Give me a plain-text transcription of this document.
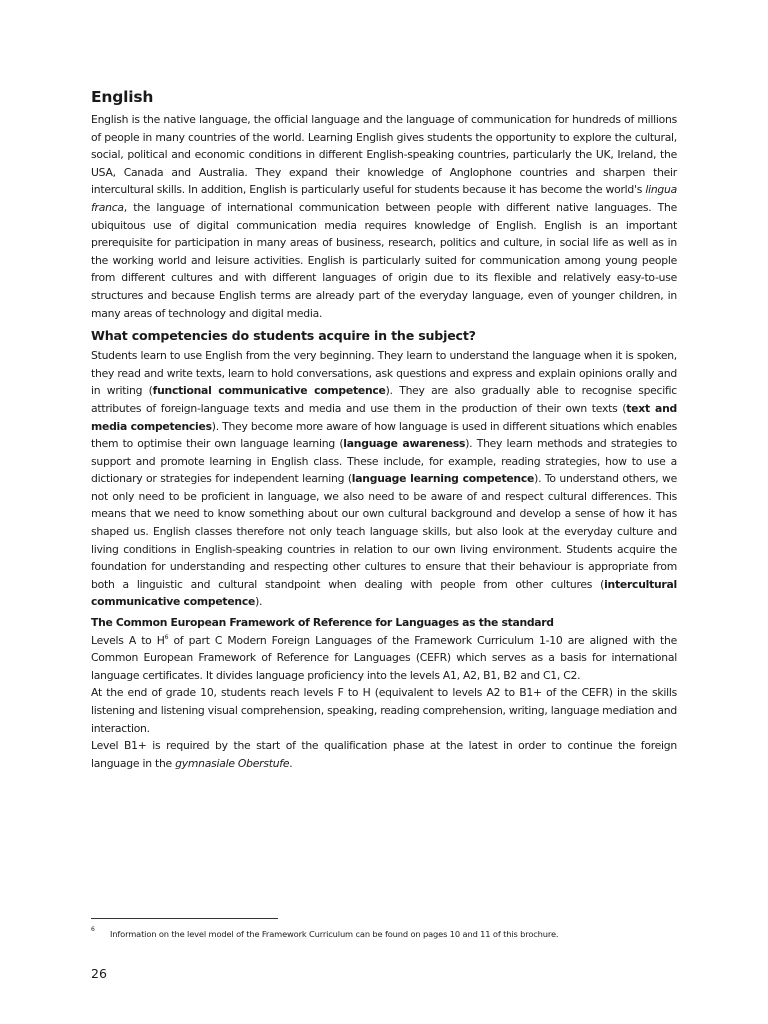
English

English is the native language, the official language and the language of communication for hundreds of millions of people in many countries of the world. Learning English gives students the opportunity to explore the cultural, social, political and economic conditions in different English-speaking countries, particularly the UK, Ireland, the USA, Canada and Australia. They expand their knowledge of Anglophone countries and sharpen their intercultural skills. In addition, English is particularly useful for students because it has become the world's lingua franca, the language of international communication between people with different native languages. The ubiquitous use of digital communication media requires knowledge of English. English is an important prerequisite for participation in many areas of business, research, politics and culture, in social life as well as in the working world and leisure activities. English is particularly suited for communication among young people from different cultures and with different languages of origin due to its flexible and relatively easy-to-use structures and because English terms are already part of the everyday language, even of younger children, in many areas of technology and digital media.

What competencies do students acquire in the subject?

Students learn to use English from the very beginning. They learn to understand the language when it is spoken, they read and write texts, learn to hold conversations, ask questions and express and explain opinions orally and in writing (functional communicative competence). They are also gradually able to recognise specific attributes of foreign-language texts and media and use them in the production of their own texts (text and media competencies). They become more aware of how language is used in different situations which enables them to optimise their own language learning (language awareness). They learn methods and strategies to support and promote learning in English class. These include, for example, reading strategies, how to use a dictionary or strategies for independent learning (language learning competence). To understand others, we not only need to be proficient in language, we also need to be aware of and respect cultural differences. This means that we need to know something about our own cultural background and develop a sense of how it has shaped us. English classes therefore not only teach language skills, but also look at the everyday culture and living conditions in English-speaking countries in relation to our own living environment. Students acquire the foundation for understanding and respecting other cultures to ensure that their behaviour is appropriate from both a linguistic and cultural standpoint when dealing with people from other cultures (intercultural communicative competence).

The Common European Framework of Reference for Languages as the standard

Levels A to $H^6$ of part C Modern Foreign Languages of the Framework Curriculum 1-10 are aligned with the Common European Framework of Reference for Languages (CEFR) which serves as a basis for international language certificates. It divides language proficiency into the levels A1, A2, B1, B2 and C1, C2.

At the end of grade 10, students reach levels F to H (equivalent to levels A2 to B1+ of the CEFR) in the skills listening and listening visual comprehension, speaking, reading comprehension, writing, language mediation and interaction.

Level B1+ is required by the start of the qualification phase at the latest in order to continue the foreign language in the gymnasiale Oberstufe.

6 Information on the level model of the Framework Curriculum can be found on pages 10 and 11 of this brochure.
26
